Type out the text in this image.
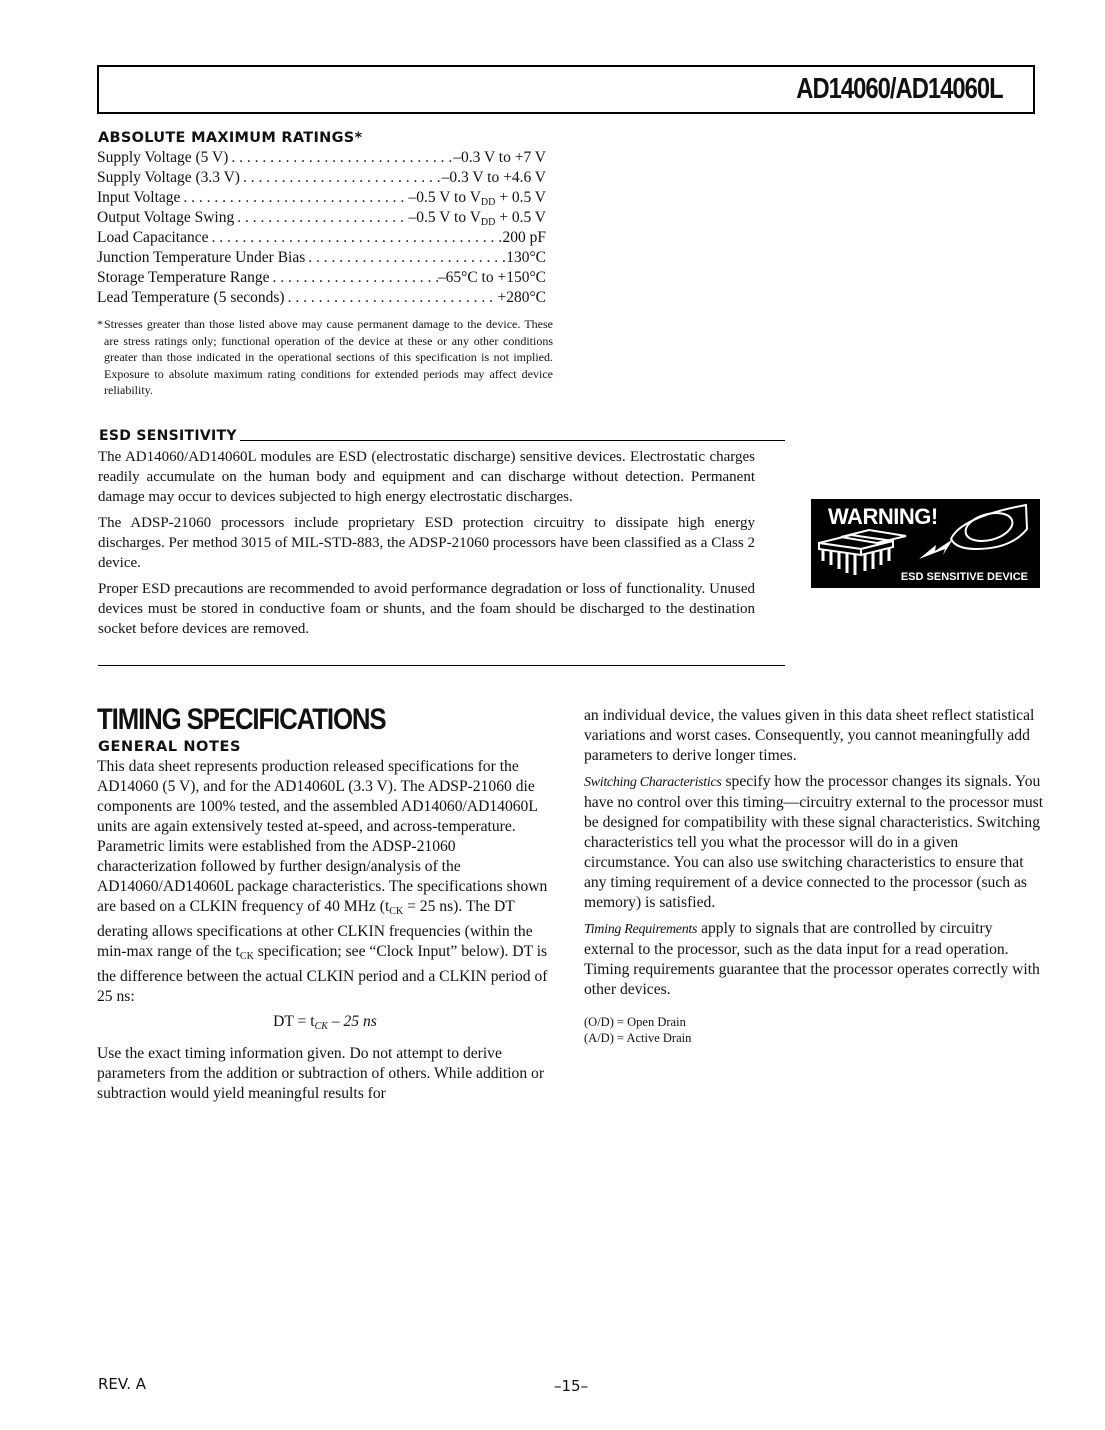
AD14060/AD14060L
ABSOLUTE MAXIMUM RATINGS*
Supply Voltage (5 V) . . .	–0.3 V to +7 V
Supply Voltage (3.3 V) . . .	–0.3 V to +4.6 V
Input Voltage . . .	–0.5 V to $V_{DD} + 0.5$ V
Output Voltage Swing . . .	–0.5 V to $V_{DD} + 0.5$ V
Load Capacitance . . .	200 pF
Junction Temperature Under Bias . . .	130°C
Storage Temperature Range . . .	–65°C to +150°C
Lead Temperature (5 seconds) . . .	+280°C
* Stresses greater than those listed above may cause permanent damage to the device. These are stress ratings only; functional operation of the device at these or any other conditions greater than those indicated in the operational sections of this specification is not implied. Exposure to absolute maximum rating conditions for extended periods may affect device reliability.
ESD SENSITIVITY

The AD14060/AD14060L modules are ESD (electrostatic discharge) sensitive devices. Electrostatic charges readily accumulate on the human body and equipment and can discharge without detection. Permanent damage may occur to devices subjected to high energy electrostatic discharges.

The ADSP-21060 processors include proprietary ESD protection circuitry to dissipate high energy discharges. Per method 3015 of MIL-STD-883, the ADSP-21060 processors have been classified as a Class 2 device.

Proper ESD precautions are recommended to avoid performance degradation or loss of functionality. Unused devices must be stored in conductive foam or shunts, and the foam should be discharged to the destination socket before devices are removed.

WARNING!
ESD SENSITIVE DEVICE
TIMING SPECIFICATIONS
GENERAL NOTES

This data sheet represents production released specifications for the AD14060 (5 V), and for the AD14060L (3.3 V). The ADSP-21060 die components are 100% tested, and the assembled AD14060/AD14060L units are again extensively tested at-speed, and across-temperature. Parametric limits were established from the ADSP-21060 characterization followed by further design/analysis of the AD14060/AD14060L package characteristics. The specifications shown are based on a CLKIN frequency of 40 MHz ($t_{CK} = 25$ ns). The DT derating allows specifications at other CLKIN frequencies (within the min-max range of the $t_{CK}$ specification; see “Clock Input” below). DT is the difference between the actual CLKIN period and a CLKIN period of 25 ns:

DT = $t_{CK} - 25$ ns

Use the exact timing information given. Do not attempt to derive parameters from the addition or subtraction of others. While addition or subtraction would yield meaningful results for

an individual device, the values given in this data sheet reflect statistical variations and worst cases. Consequently, you cannot meaningfully add parameters to derive longer times.

Switching Characteristics specify how the processor changes its signals. You have no control over this timing—circuitry external to the processor must be designed for compatibility with these signal characteristics. Switching characteristics tell you what the processor will do in a given circumstance. You can also use switching characteristics to ensure that any timing requirement of a device connected to the processor (such as memory) is satisfied.

Timing Requirements apply to signals that are controlled by circuitry external to the processor, such as the data input for a read operation. Timing requirements guarantee that the processor operates correctly with other devices.

(O/D) = Open Drain
(A/D) = Active Drain
REV. A	–15–
